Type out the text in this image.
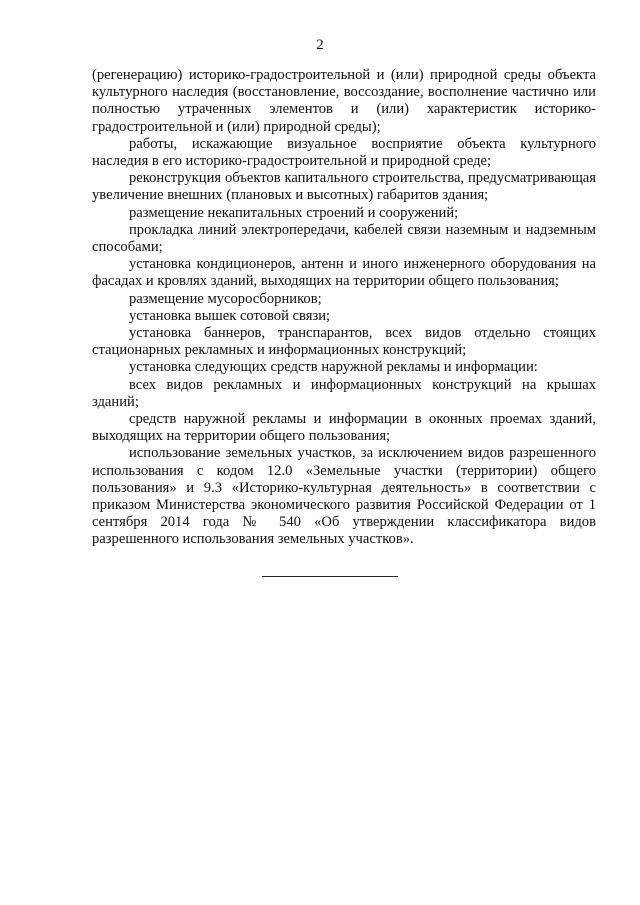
2

(регенерацию) историко-градостроительной и (или) природной среды объекта культурного наследия (восстановление, воссоздание, восполнение частично или полностью утраченных элементов и (или) характеристик историко-градостроительной и (или) природной среды);

работы, искажающие визуальное восприятие объекта культурного наследия в его историко-градостроительной и природной среде;

реконструкция объектов капитального строительства, предусматривающая увеличение внешних (плановых и высотных) габаритов здания;

размещение некапитальных строений и сооружений;

прокладка линий электропередачи, кабелей связи наземным и надземным способами;

установка кондиционеров, антенн и иного инженерного оборудования на фасадах и кровлях зданий, выходящих на территории общего пользования;

размещение мусоросборников;

установка вышек сотовой связи;

установка баннеров, транспарантов, всех видов отдельно стоящих стационарных рекламных и информационных конструкций;

установка следующих средств наружной рекламы и информации:

всех видов рекламных и информационных конструкций на крышах зданий;

средств наружной рекламы и информации в оконных проемах зданий, выходящих на территории общего пользования;

использование земельных участков, за исключением видов разрешенного использования с кодом 12.0 «Земельные участки (территории) общего пользования» и 9.3 «Историко-культурная деятельность» в соответствии с приказом Министерства экономического развития Российской Федерации от 1 сентября 2014 года № 540 «Об утверждении классификатора видов разрешенного использования земельных участков».
